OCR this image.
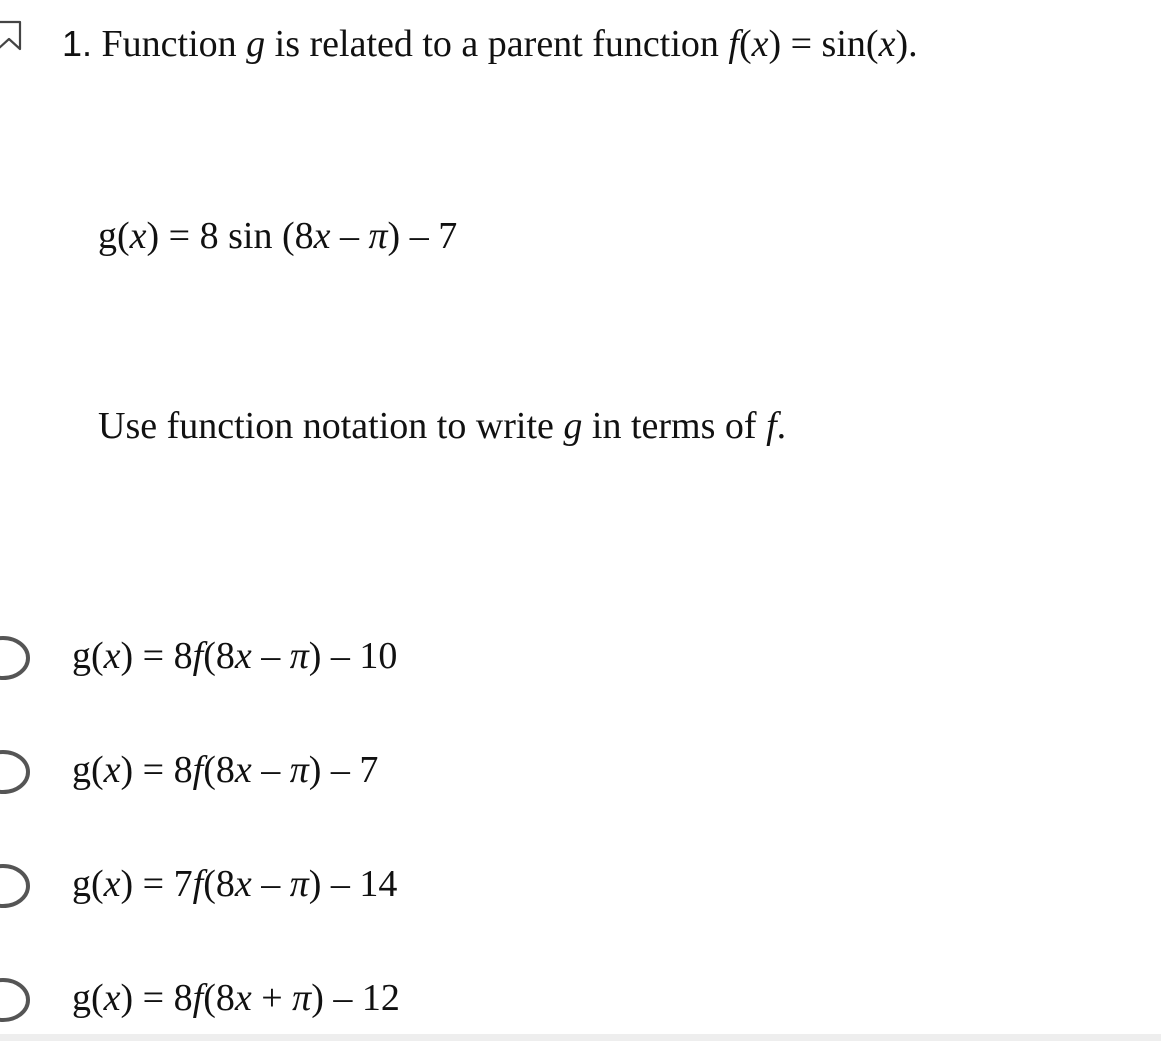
1. Function g is related to a parent function f(x) = sin(x).
g(x) = 8 sin (8x – π) – 7
Use function notation to write g in terms of f.
g(x) = 8f(8x – π) – 10
g(x) = 8f(8x – π) – 7
g(x) = 7f(8x – π) – 14
g(x) = 8f(8x + π) – 12
